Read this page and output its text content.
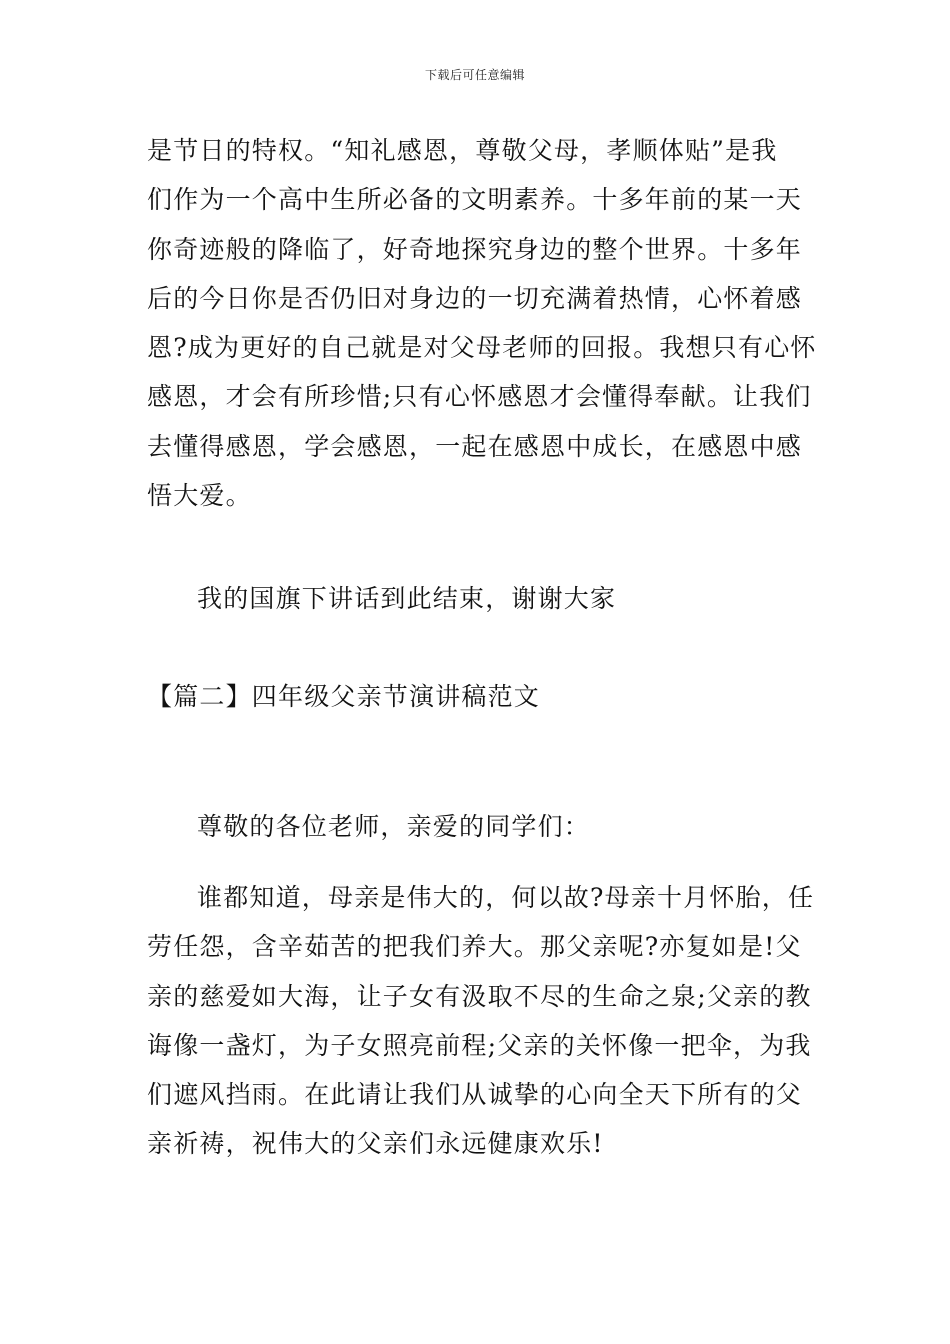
下载后可任意编辑
是节日的特权。“知礼感恩，尊敬父母，孝顺体贴”是我
们作为一个高中生所必备的文明素养。十多年前的某一天
你奇迹般的降临了，好奇地探究身边的整个世界。十多年
后的今日你是否仍旧对身边的一切充满着热情，心怀着感
恩?成为更好的自己就是对父母老师的回报。我想只有心怀
感恩，才会有所珍惜;只有心怀感恩才会懂得奉献。让我们
去懂得感恩，学会感恩，一起在感恩中成长，在感恩中感
悟大爱。
我的国旗下讲话到此结束，谢谢大家
【篇二】四年级父亲节演讲稿范文
尊敬的各位老师，亲爱的同学们：
谁都知道，母亲是伟大的，何以故?母亲十月怀胎，任
劳任怨，含辛茹苦的把我们养大。那父亲呢?亦复如是!父
亲的慈爱如大海，让子女有汲取不尽的生命之泉;父亲的教
诲像一盏灯，为子女照亮前程;父亲的关怀像一把伞，为我
们遮风挡雨。在此请让我们从诚挚的心向全天下所有的父
亲祈祷，祝伟大的父亲们永远健康欢乐!
